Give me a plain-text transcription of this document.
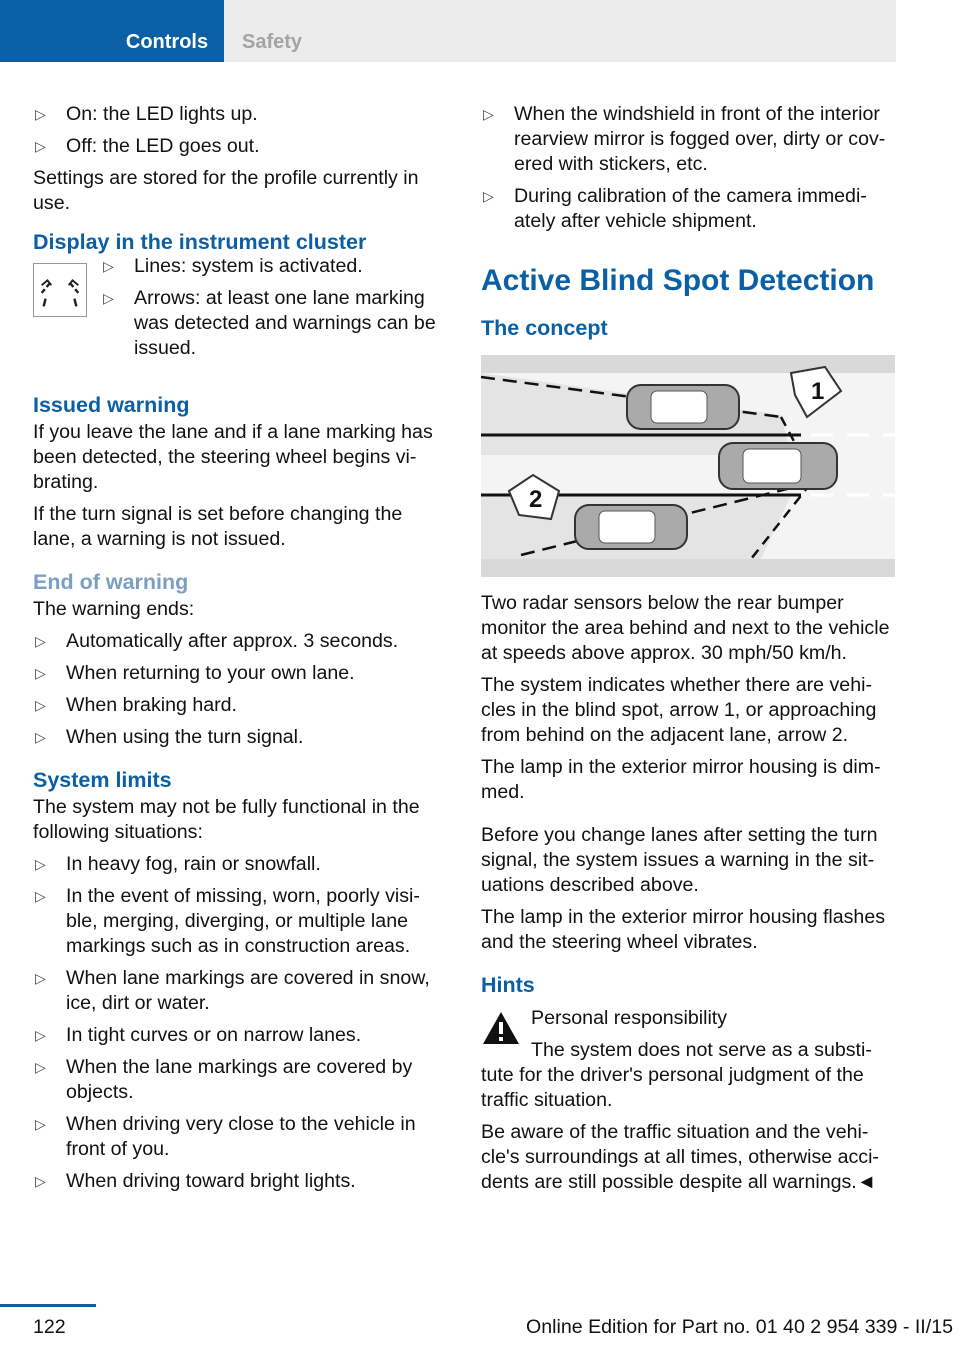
Controls Safety
▷ On: the LED lights up.
▷ Off: the LED goes out.

Settings are stored for the profile currently in use.

Display in the instrument cluster
▷ Lines: system is activated.
▷ Arrows: at least one lane marking was detected and warnings can be issued.
Issued warning

If you leave the lane and if a lane marking has been detected, the steering wheel begins vi‐brating.

If the turn signal is set before changing the lane, a warning is not issued.

End of warning

The warning ends:

▷ Automatically after approx. 3 seconds.
▷ When returning to your own lane.
▷ When braking hard.
▷ When using the turn signal.
System limits

The system may not be fully functional in the following situations:

▷ In heavy fog, rain or snowfall.
▷ In the event of missing, worn, poorly visi‐ble, merging, diverging, or multiple lane markings such as in construction areas.
▷ When lane markings are covered in snow, ice, dirt or water.
▷ In tight curves or on narrow lanes.
▷ When the lane markings are covered by objects.
▷ When driving very close to the vehicle in front of you.
▷ When driving toward bright lights.
▷ When the windshield in front of the interior rearview mirror is fogged over, dirty or cov‐ered with stickers, etc.
▷ During calibration of the camera immedi‐ately after vehicle shipment.
Active Blind Spot Detection
The concept
1
2

Two radar sensors below the rear bumper monitor the area behind and next to the vehicle at speeds above approx. 30 mph/50 km/h.

The system indicates whether there are vehi‐cles in the blind spot, arrow 1, or approaching from behind on the adjacent lane, arrow 2.

The lamp in the exterior mirror housing is dim‐med.

Before you change lanes after setting the turn signal, the system issues a warning in the sit‐uations described above.

The lamp in the exterior mirror housing flashes and the steering wheel vibrates.

Hints

Personal responsibility

The system does not serve as a substi‐tute for the driver's personal judgment of the traffic situation.

Be aware of the traffic situation and the vehi‐cle's surroundings at all times, otherwise acci‐dents are still possible despite all warnings.◄

122	Online Edition for Part no. 01 40 2 954 339 - II/15
